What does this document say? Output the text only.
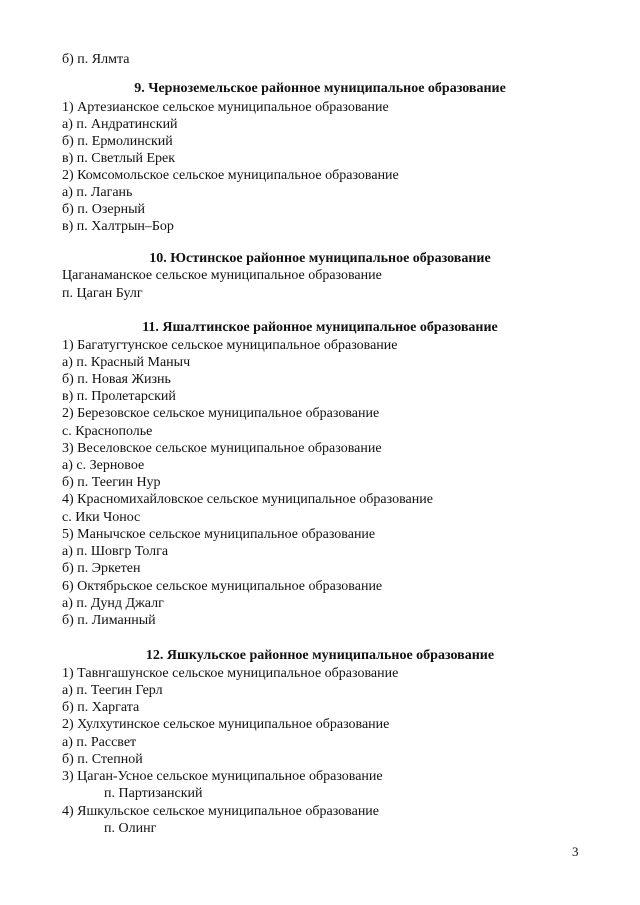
б) п. Ялмта
9. Черноземельское районное муниципальное образование
1) Артезианское сельское муниципальное образование
а) п. Андратинский
б) п. Ермолинский
в) п. Светлый Ерек
2) Комсомольское сельское муниципальное образование
а) п. Лагань
б) п. Озерный
в) п. Халтрын–Бор
10. Юстинское районное муниципальное образование
Цаганаманское сельское муниципальное образование
п. Цаган Булг
11. Яшалтинское районное муниципальное образование
1) Багатугтунское сельское муниципальное образование
а) п. Красный Маныч
б) п. Новая Жизнь
в) п. Пролетарский
2) Березовское сельское муниципальное образование
с. Краснополье
3) Веселовское сельское муниципальное образование
а) с. Зерновое
б) п. Теегин Нур
4) Красномихайловское сельское муниципальное образование
с. Ики Чонос
5) Манычское сельское муниципальное образование
а) п. Шовгр Толга
б) п. Эркетен
6) Октябрьское сельское муниципальное образование
а) п. Дунд Джалг
б) п. Лиманный
12. Яшкульское районное муниципальное образование
1) Тавнгашунское сельское муниципальное образование
а) п. Теегин Герл
б) п. Харгата
2) Хулхутинское сельское муниципальное образование
а) п. Рассвет
б) п. Степной
3) Цаган-Усное сельское муниципальное образование
п. Партизанский
4) Яшкульское сельское муниципальное образование
п. Олинг
3
